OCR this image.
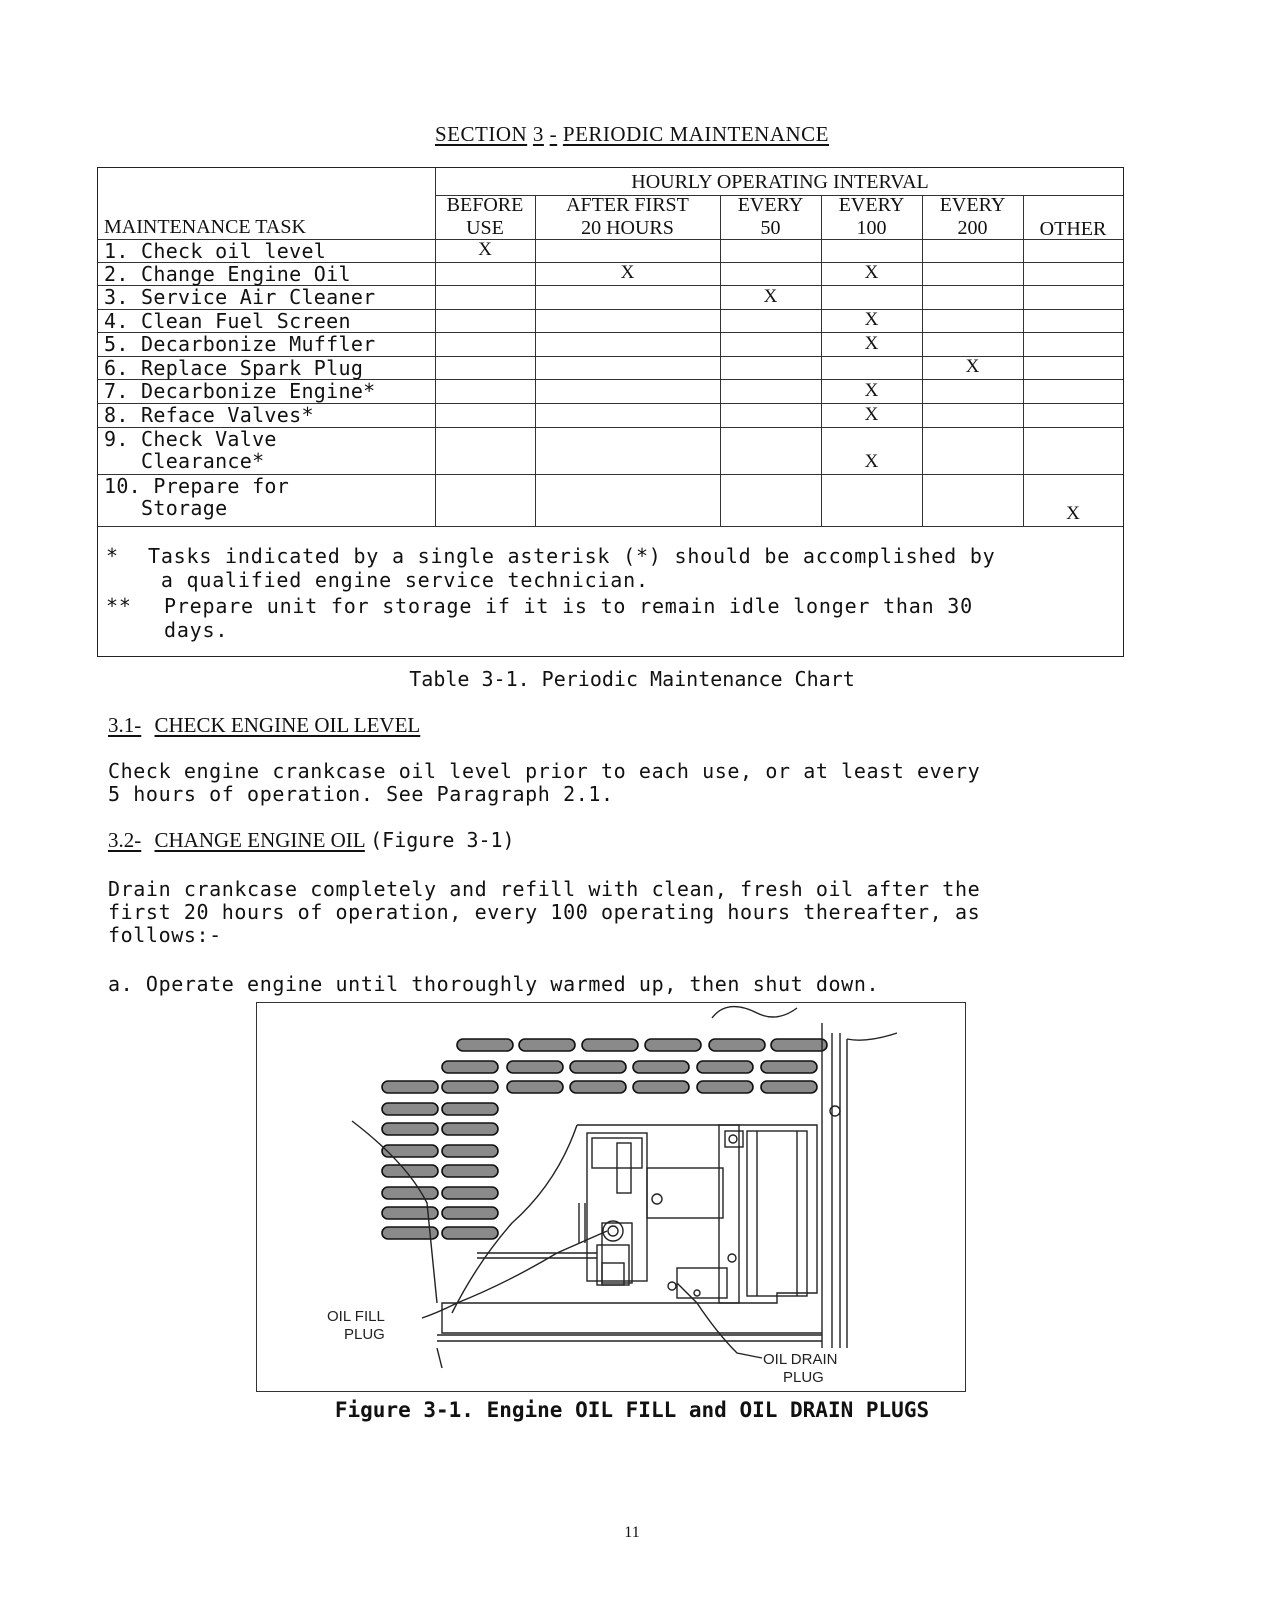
SECTION 3 - PERIODIC MAINTENANCE
HOURLY OPERATING INTERVAL
MAINTENANCE TASK
BEFORE
USE
AFTER FIRST
20 HOURS
EVERY
50
EVERY
100
EVERY
200	OTHER
1. Check oil level
2. Change Engine Oil
3. Service Air Cleaner
4. Clean Fuel Screen
5. Decarbonize Muffler
6. Replace Spark Plug
7. Decarbonize Engine*
8. Reface Valves*
9. Check Valve
Clearance*
10. Prepare for
Storage
X
X	X
X
X
X
X
X
X
X
X
* Tasks indicated by a single asterisk (*) should be accomplished by
a qualified engine service technician.
** Prepare unit for storage if it is to remain idle longer than 30
days.
Table 3-1. Periodic Maintenance Chart
3.1- CHECK ENGINE OIL LEVEL
Check engine crankcase oil level prior to each use, or at least every
5 hours of operation. See Paragraph 2.1.
3.2- CHANGE ENGINE OIL (Figure 3-1)
Drain crankcase completely and refill with clean, fresh oil after the
first 20 hours of operation, every 100 operating hours thereafter, as
follows:-
a. Operate engine until thoroughly warmed up, then shut down.
OIL FILL
PLUG
OIL DRAIN
PLUG
Figure 3-1. Engine OIL FILL and OIL DRAIN PLUGS
11
